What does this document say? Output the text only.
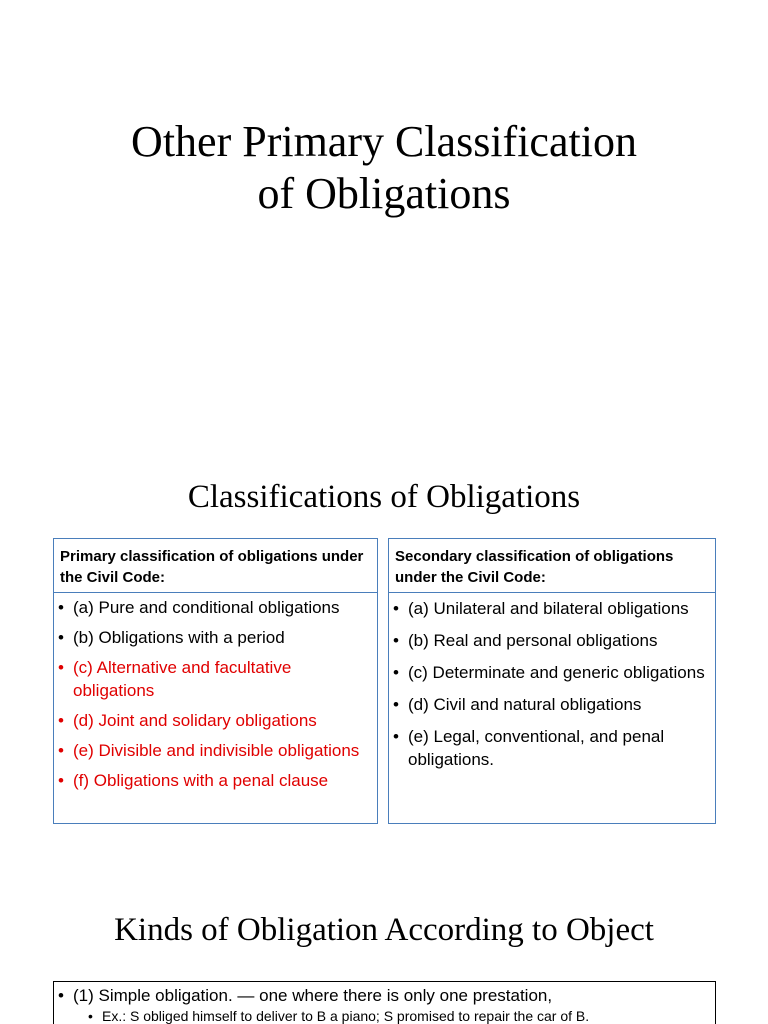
Other Primary Classification
of Obligations
Classifications of Obligations
Primary classification of obligations under the Civil Code:
• (a) Pure and conditional obligations
• (b) Obligations with a period
• (c) Alternative and facultative obligations
• (d) Joint and solidary obligations
• (e) Divisible and indivisible obligations
• (f) Obligations with a penal clause
Secondary classification of obligations under the Civil Code:
• (a) Unilateral and bilateral obligations
• (b) Real and personal obligations
• (c) Determinate and generic obligations
• (d) Civil and natural obligations
• (e) Legal, conventional, and penal obligations.
Kinds of Obligation According to Object
• (1) Simple obligation. — one where there is only one prestation,
• Ex.: S obliged himself to deliver to B a piano; S promised to repair the car of B.
